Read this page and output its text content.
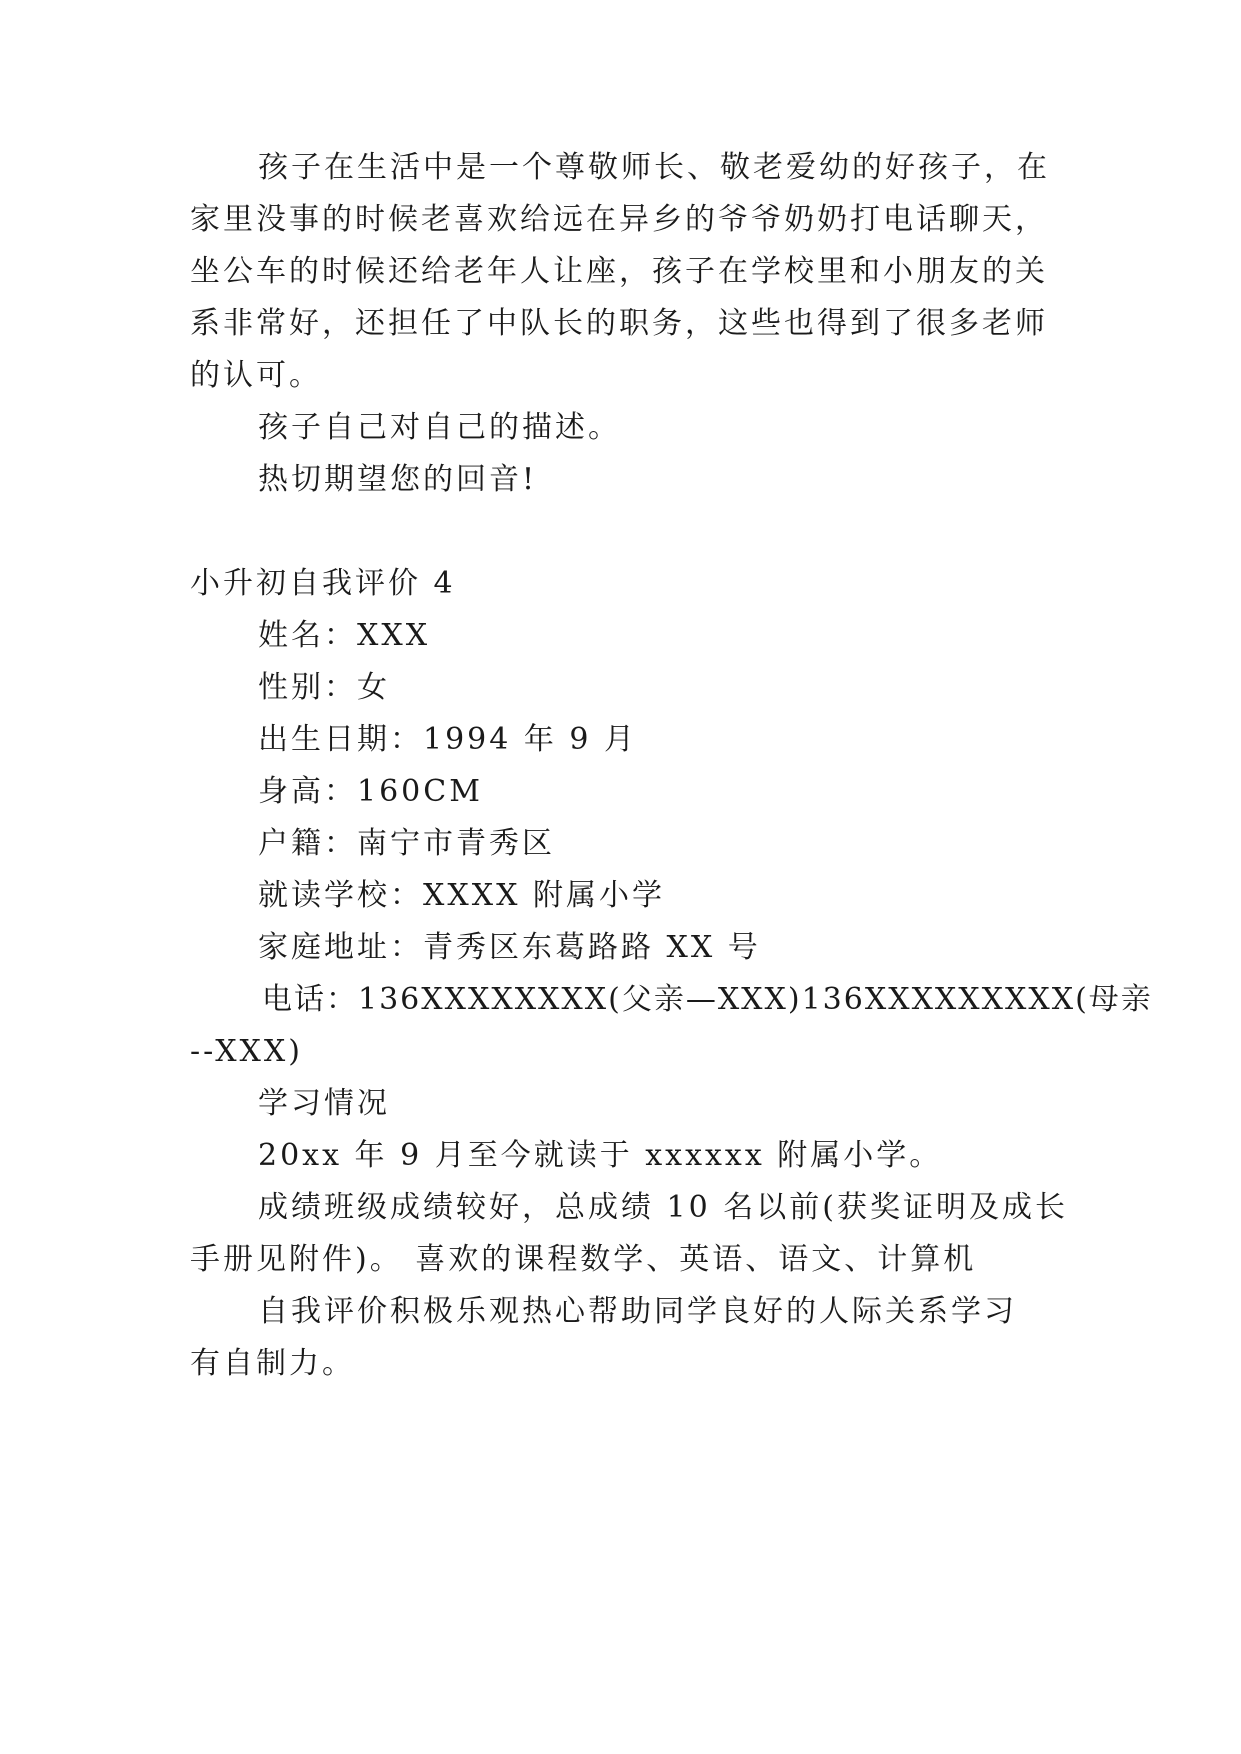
孩子在生活中是一个尊敬师长、敬老爱幼的好孩子，在
家里没事的时候老喜欢给远在异乡的爷爷奶奶打电话聊天，
坐公车的时候还给老年人让座，孩子在学校里和小朋友的关
系非常好，还担任了中队长的职务，这些也得到了很多老师
的认可。
孩子自己对自己的描述。
热切期望您的回音!
小升初自我评价 4
姓名：XXX
性别：女
出生日期：1994 年 9 月
身高：160CM
户籍：南宁市青秀区
就读学校：XXXX 附属小学
家庭地址：青秀区东葛路路 XX 号
电话：136XXXXXXXX(父亲—XXX)136XXXXXXXXX(母亲
--XXX)
学习情况
20xx 年 9 月至今就读于 xxxxxx 附属小学。
成绩班级成绩较好，总成绩 10 名以前(获奖证明及成长
手册见附件)。 喜欢的课程数学、英语、语文、计算机
自我评价积极乐观热心帮助同学良好的人际关系学习
有自制力。
